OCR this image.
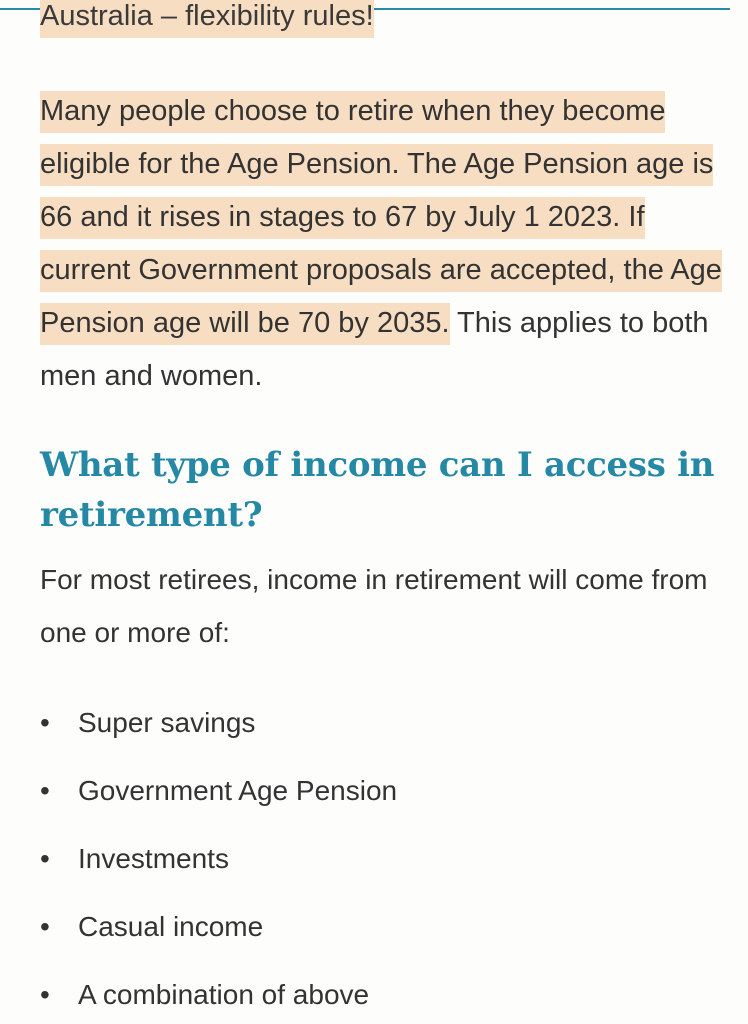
Australia – flexibility rules!

Many people choose to retire when they become eligible for the Age Pension. The Age Pension age is 66 and it rises in stages to 67 by July 1 2023. If current Government proposals are accepted, the Age Pension age will be 70 by 2035. This applies to both men and women.

What type of income can I access in retirement?

For most retirees, income in retirement will come from one or more of:

•	Super savings
•	Government Age Pension
•	Investments
•	Casual income
•	A combination of above
